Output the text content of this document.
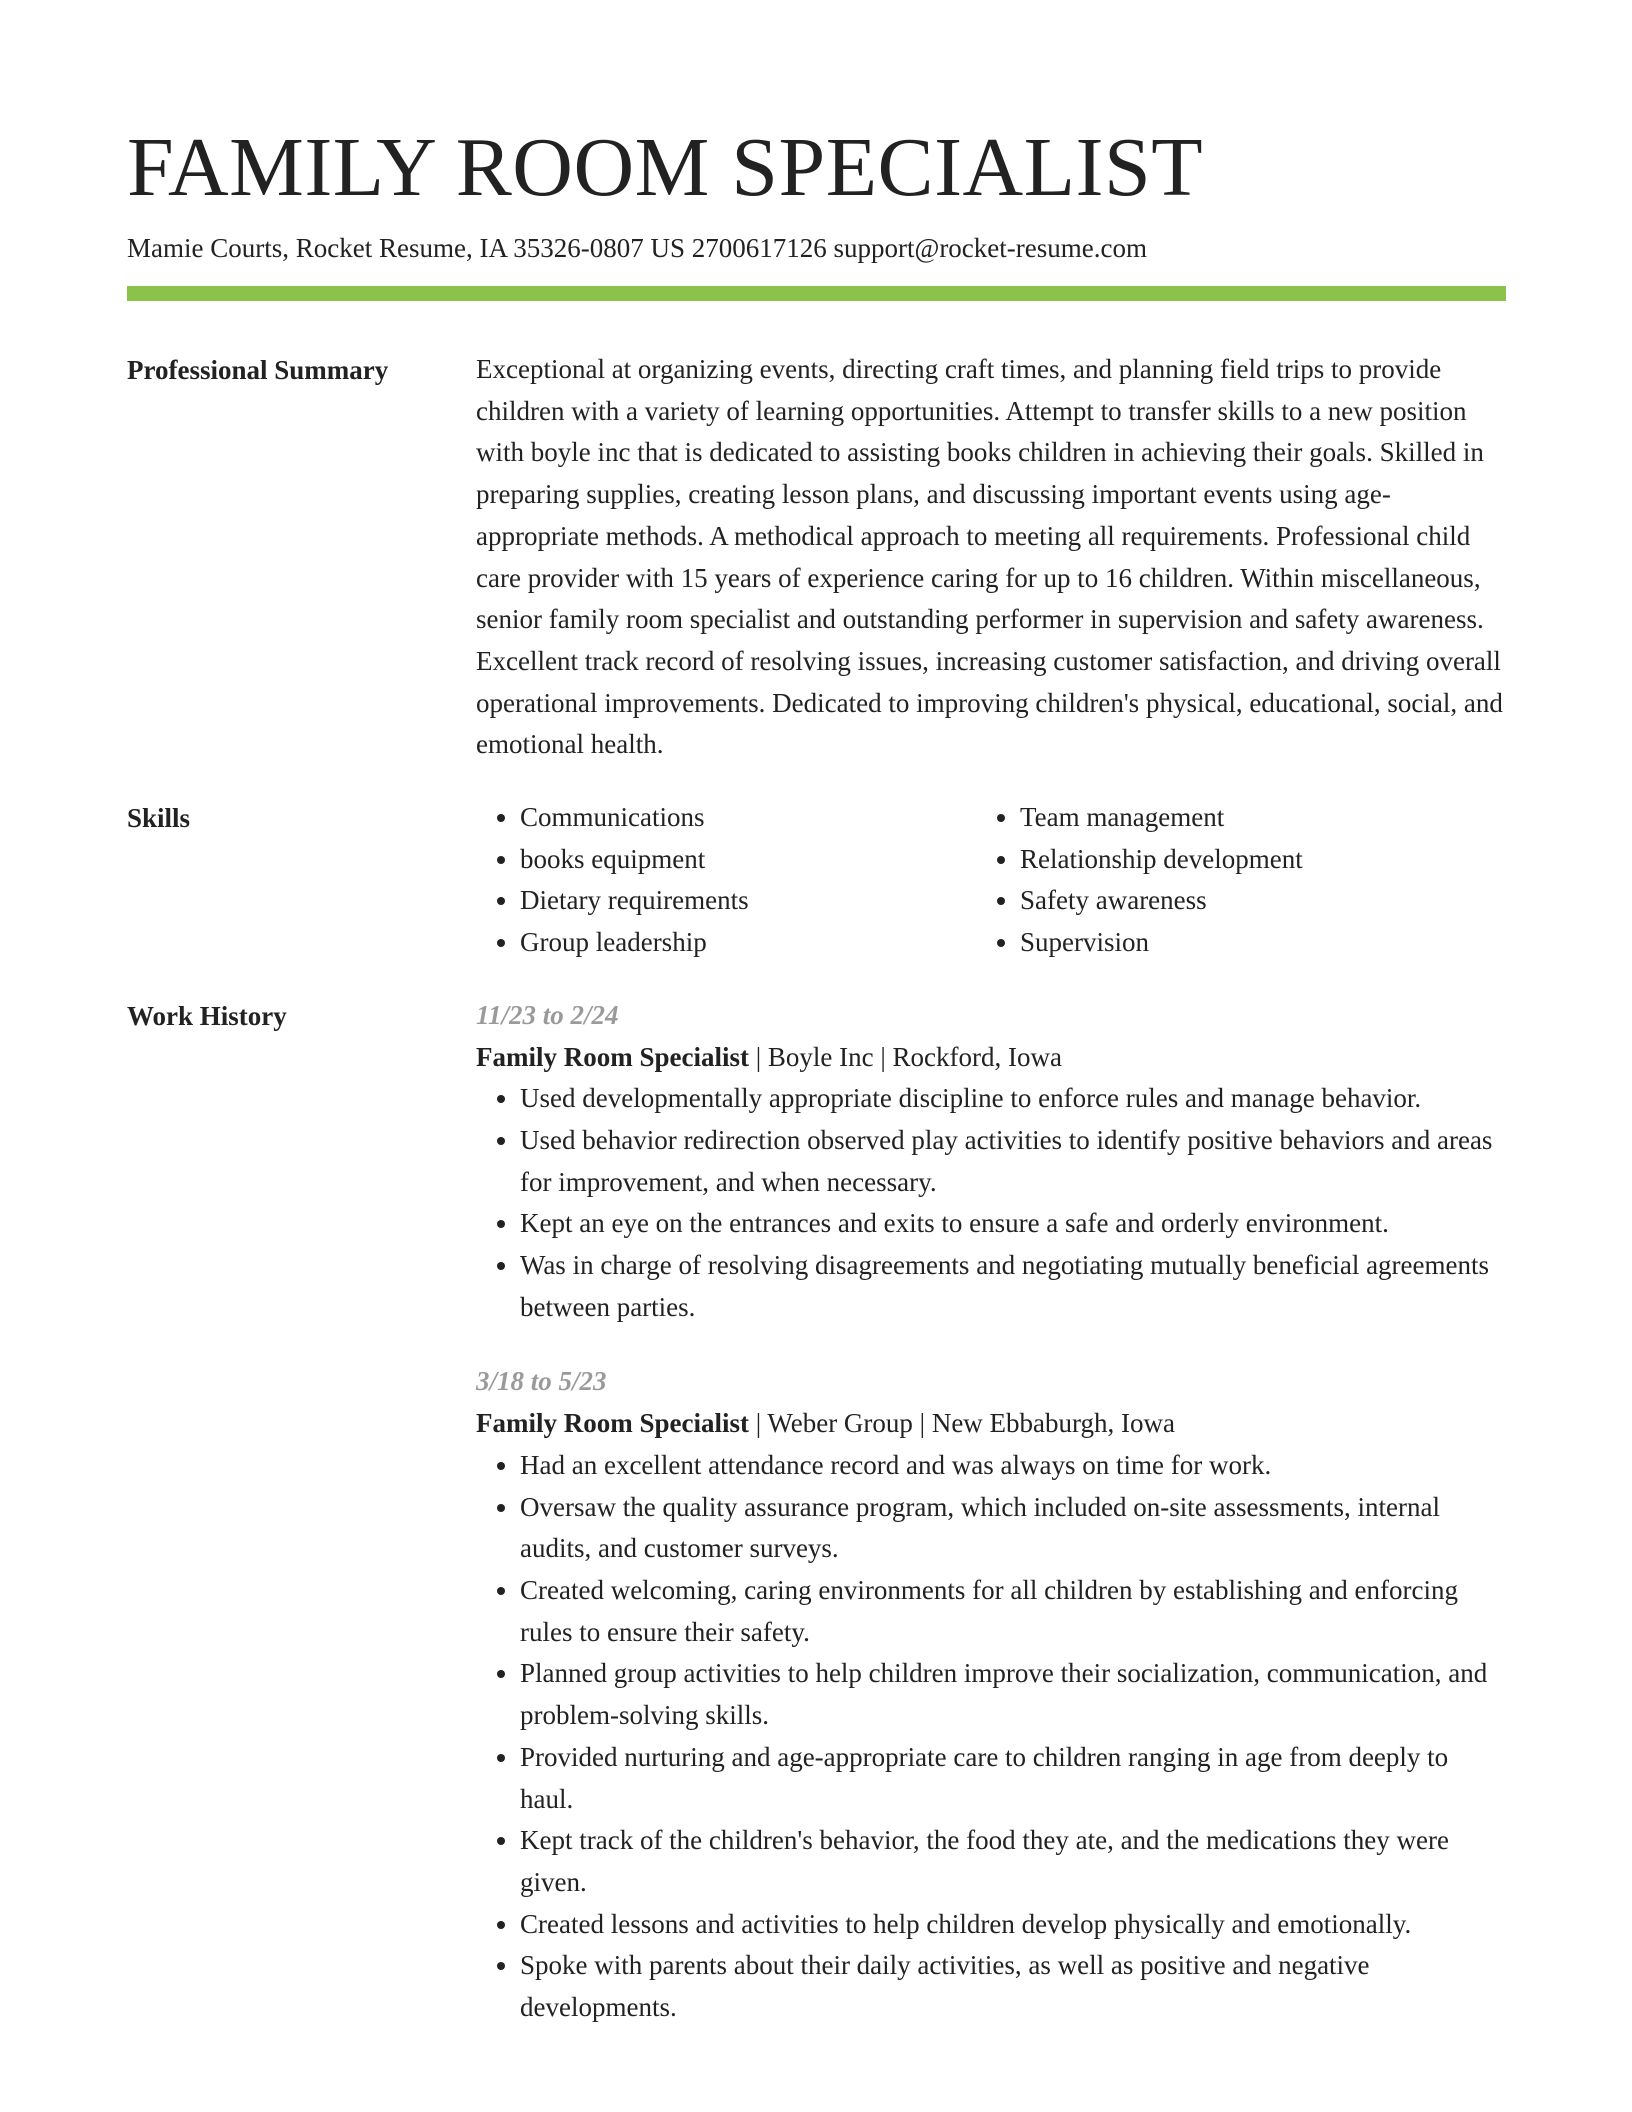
FAMILY ROOM SPECIALIST
Mamie Courts, Rocket Resume, IA 35326-0807 US 2700617126 support@rocket-resume.com
Professional Summary	Exceptional at organizing events, directing craft times, and planning field trips to provide children with a variety of learning opportunities. Attempt to transfer skills to a new position with boyle inc that is dedicated to assisting books children in achieving their goals. Skilled in preparing supplies, creating lesson plans, and discussing important events using age-appropriate methods. A methodical approach to meeting all requirements. Professional child care provider with 15 years of experience caring for up to 16 children. Within miscellaneous, senior family room specialist and outstanding performer in supervision and safety awareness. Excellent track record of resolving issues, increasing customer satisfaction, and driving overall operational improvements. Dedicated to improving children's physical, educational, social, and emotional health.
Skills
•	Communications
• books equipment
• Dietary requirements
• Group leadership
• Team management
• Relationship development
• Safety awareness
• Supervision
Work History	11/23 to 2/24
Family Room Specialist | Boyle Inc | Rockford, Iowa
• Used developmentally appropriate discipline to enforce rules and manage behavior.
• Used behavior redirection observed play activities to identify positive behaviors and areas for improvement, and when necessary.
• Kept an eye on the entrances and exits to ensure a safe and orderly environment.
• Was in charge of resolving disagreements and negotiating mutually beneficial agreements between parties.
3/18 to 5/23
Family Room Specialist | Weber Group | New Ebbaburgh, Iowa
• Had an excellent attendance record and was always on time for work.
• Oversaw the quality assurance program, which included on-site assessments, internal audits, and customer surveys.
• Created welcoming, caring environments for all children by establishing and enforcing rules to ensure their safety.
• Planned group activities to help children improve their socialization, communication, and problem-solving skills.
• Provided nurturing and age-appropriate care to children ranging in age from deeply to haul.
• Kept track of the children's behavior, the food they ate, and the medications they were given.
• Created lessons and activities to help children develop physically and emotionally.
• Spoke with parents about their daily activities, as well as positive and negative developments.
